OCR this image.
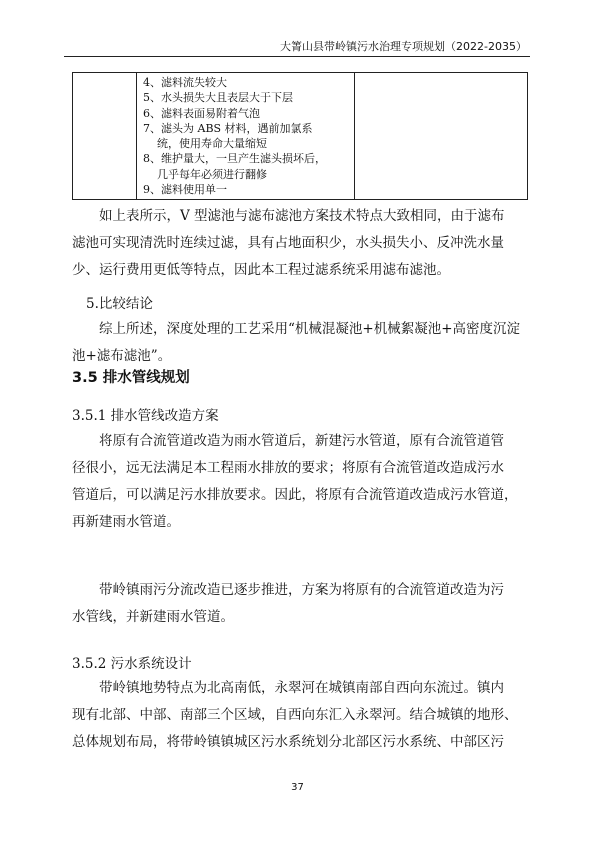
大箐山县带岭镇污水治理专项规划（2022-2035）
4、滤料流失较大
5、水头损失大且表层大于下层
6、滤料表面易附着气泡
7、滤头为 ABS 材料，遇前加氯系
统，使用寿命大量缩短
8、维护量大，一旦产生滤头损坏后，
几乎每年必须进行翻修
9、滤料使用单一

如上表所示，V 型滤池与滤布滤池方案技术特点大致相同，由于滤布

滤池可实现清洗时连续过滤，具有占地面积少，水头损失小、反冲洗水量

少、运行费用更低等特点，因此本工程过滤系统采用滤布滤池。

5.比较结论

综上所述，深度处理的工艺采用“机械混凝池+机械絮凝池+高密度沉淀

池+滤布滤池”。

3.5 排水管线规划
3.5.1 排水管线改造方案

将原有合流管道改造为雨水管道后，新建污水管道，原有合流管道管

径很小，远无法满足本工程雨水排放的要求；将原有合流管道改造成污水

管道后，可以满足污水排放要求。因此，将原有合流管道改造成污水管道，

再新建雨水管道。

带岭镇雨污分流改造已逐步推进，方案为将原有的合流管道改造为污

水管线，并新建雨水管道。

3.5.2 污水系统设计

带岭镇地势特点为北高南低，永翠河在城镇南部自西向东流过。镇内

现有北部、中部、南部三个区域，自西向东汇入永翠河。结合城镇的地形、

总体规划布局，将带岭镇镇城区污水系统划分北部区污水系统、中部区污

37
